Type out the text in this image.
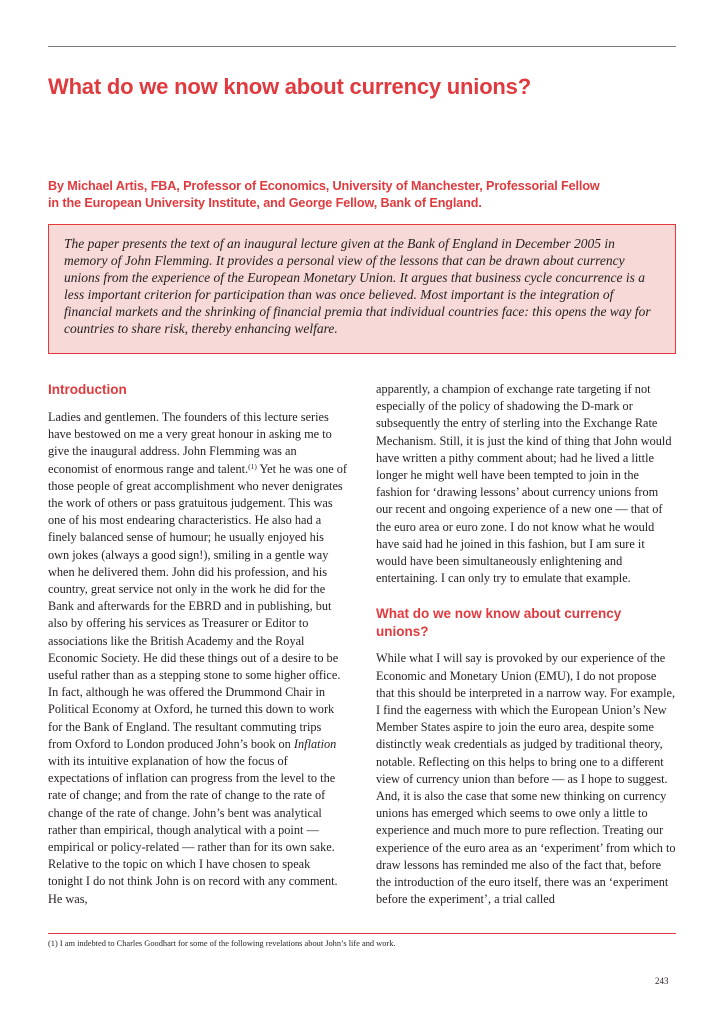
What do we now know about currency unions?
By Michael Artis, FBA, Professor of Economics, University of Manchester, Professorial Fellow
in the European University Institute, and George Fellow, Bank of England.
The paper presents the text of an inaugural lecture given at the Bank of England in December 2005 in memory of John Flemming. It provides a personal view of the lessons that can be drawn about currency unions from the experience of the European Monetary Union. It argues that business cycle concurrence is a less important criterion for participation than was once believed. Most important is the integration of financial markets and the shrinking of financial premia that individual countries face: this opens the way for countries to share risk, thereby enhancing welfare.
Introduction

Ladies and gentlemen. The founders of this lecture series have bestowed on me a very great honour in asking me to give the inaugural address. John Flemming was an economist of enormous range and talent.$^{(1)}$ Yet he was one of those people of great accomplishment who never denigrates the work of others or pass gratuitous judgement. This was one of his most endearing characteristics. He also had a finely balanced sense of humour; he usually enjoyed his own jokes (always a good sign!), smiling in a gentle way when he delivered them. John did his profession, and his country, great service not only in the work he did for the Bank and afterwards for the EBRD and in publishing, but also by offering his services as Treasurer or Editor to associations like the British Academy and the Royal Economic Society. He did these things out of a desire to be useful rather than as a stepping stone to some higher office. In fact, although he was offered the Drummond Chair in Political Economy at Oxford, he turned this down to work for the Bank of England. The resultant commuting trips from Oxford to London produced John’s book on Inflation with its intuitive explanation of how the focus of expectations of inflation can progress from the level to the rate of change; and from the rate of change to the rate of change of the rate of change. John’s bent was analytical rather than empirical, though analytical with a point — empirical or policy-related — rather than for its own sake. Relative to the topic on which I have chosen to speak tonight I do not think John is on record with any comment. He was,

apparently, a champion of exchange rate targeting if not especially of the policy of shadowing the D-mark or subsequently the entry of sterling into the Exchange Rate Mechanism. Still, it is just the kind of thing that John would have written a pithy comment about; had he lived a little longer he might well have been tempted to join in the fashion for ‘drawing lessons’ about currency unions from our recent and ongoing experience of a new one — that of the euro area or euro zone. I do not know what he would have said had he joined in this fashion, but I am sure it would have been simultaneously enlightening and entertaining. I can only try to emulate that example.

What do we now know about currency unions?

While what I will say is provoked by our experience of the Economic and Monetary Union (EMU), I do not propose that this should be interpreted in a narrow way. For example, I find the eagerness with which the European Union’s New Member States aspire to join the euro area, despite some distinctly weak credentials as judged by traditional theory, notable. Reflecting on this helps to bring one to a different view of currency union than before — as I hope to suggest. And, it is also the case that some new thinking on currency unions has emerged which seems to owe only a little to experience and much more to pure reflection. Treating our experience of the euro area as an ‘experiment’ from which to draw lessons has reminded me also of the fact that, before the introduction of the euro itself, there was an ‘experiment before the experiment’, a trial called

(1) I am indebted to Charles Goodhart for some of the following revelations about John’s life and work.

243
